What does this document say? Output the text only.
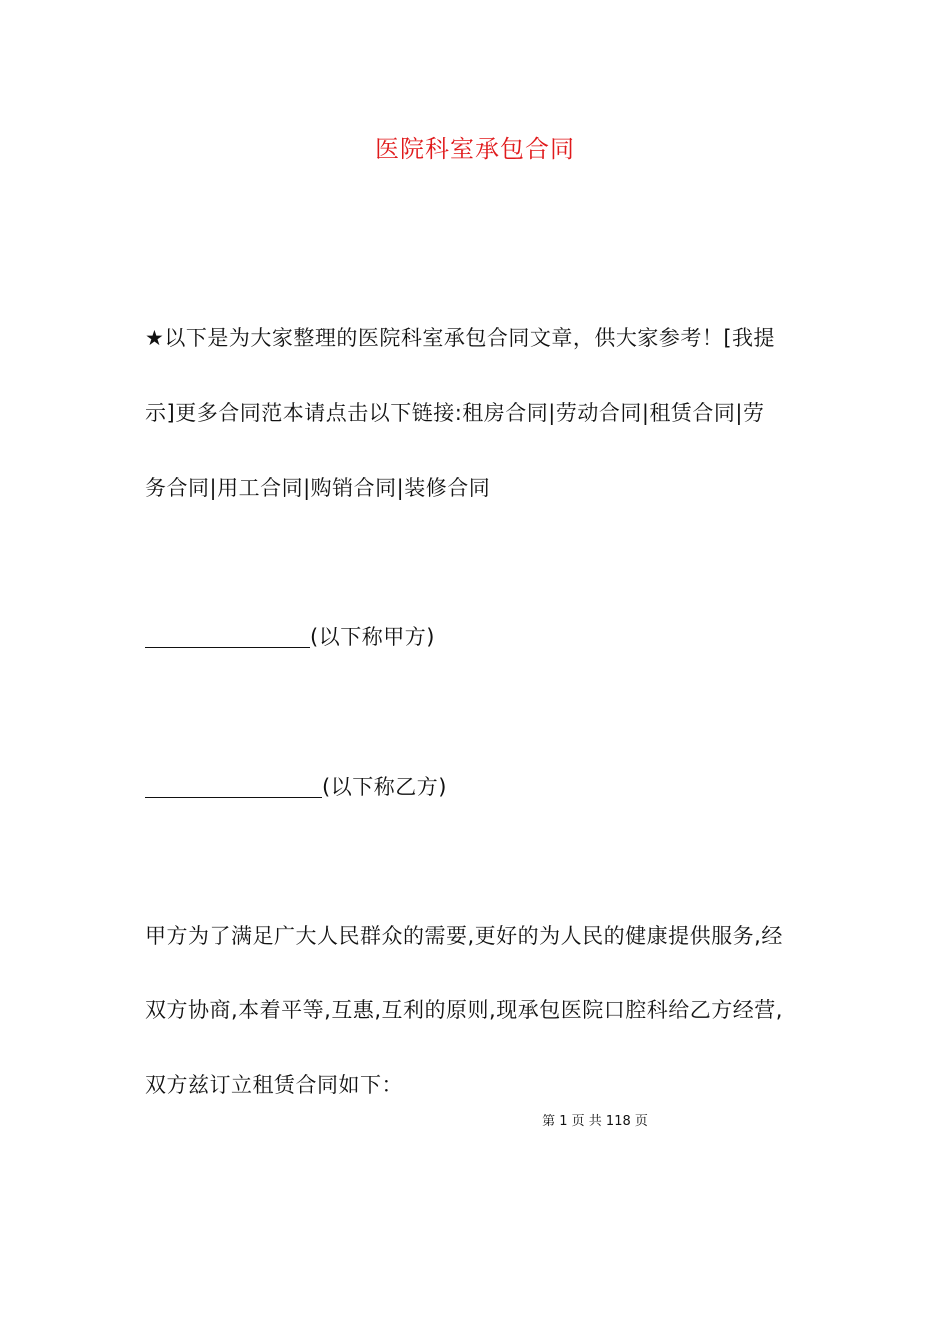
医院科室承包合同
★以下是为大家整理的医院科室承包合同文章，供大家参考！[我提
示]更多合同范本请点击以下链接:租房合同|劳动合同|租赁合同|劳
务合同|用工合同|购销合同|装修合同
(以下称甲方)
(以下称乙方)
甲方为了满足广大人民群众的需要,更好的为人民的健康提供服务,经
双方协商,本着平等,互惠,互利的原则,现承包医院口腔科给乙方经营,
双方兹订立租赁合同如下：
第 1 页 共 118 页
